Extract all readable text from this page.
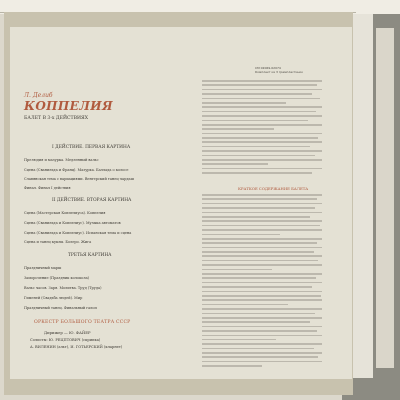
СМ 02069-02074
Комплект из 3 грампластинок
Л. Делиб
КОППЕЛИЯ
БАЛЕТ В 3-х ДЕЙСТВИЯХ
I ДЕЙСТВИЕ. ПЕРВАЯ КАРТИНА
Прелюдия и мазурка. Медленный вальс
Сцена (Сванильда и Франц). Мазурка. Баллада о колосе
Славянская тема с вариациями. Венгерский танец чардаш
Финал. Финал I действия
II ДЕЙСТВИЕ. ВТОРАЯ КАРТИНА
Сцена (Мастерская Коппелиуса). Коппелия
Сцена (Сванильда и Коппелиус). Музыка автоматов
Сцена (Сванильда и Коппелиус). Испанская тема и сцена
Сцена и танец куклы. Болеро. Жига
ТРЕТЬЯ КАРТИНА
Праздничный марш
Заморочение (Праздник колокола)
Вальс часов. Заря. Молитва. Труд (Труда)
Гименей (Свадьба людей). Мир
Праздничный танец. Финальный галоп
ОРКЕСТР БОЛЬШОГО ТЕАТРА СССР
Дирижер — Ю. ФАЙЕР
Солисты: Ю. РЕЦПТОВИЧ (скрипка)
А. ВИЛЕНИН (альт), И. ГОТЬЕРСКИЙ (кларнет)
КРАТКОЕ СОДЕРЖАНИЕ БАЛЕТА
